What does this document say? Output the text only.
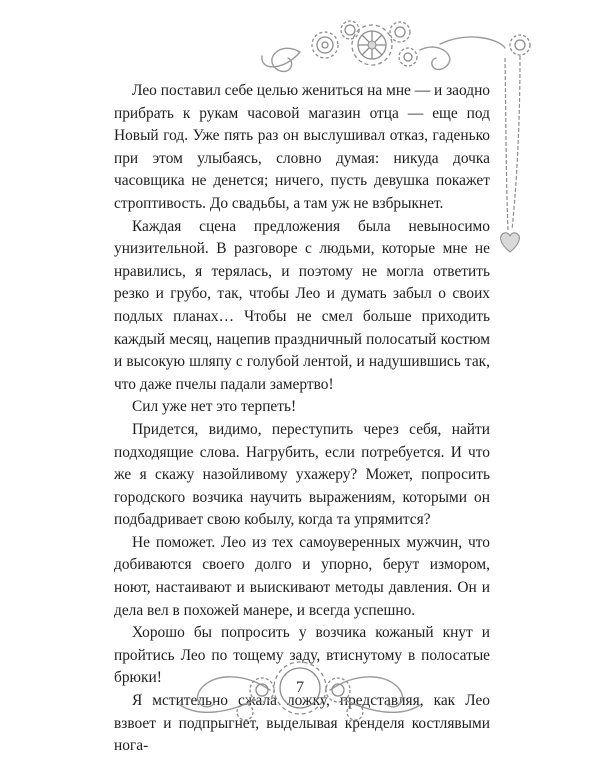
Лео поставил себе целью жениться на мне — и заодно прибрать к рукам часовой магазин отца — еще под Новый год. Уже пять раз он выслушивал отказ, гаденько при этом улыбаясь, словно думая: никуда дочка часовщика не денется; ничего, пусть девушка покажет строптивость. До свадьбы, а там уж не взбрыкнет.

Каждая сцена предложения была невыносимо унизительной. В разговоре с людьми, которые мне не нравились, я терялась, и поэтому не могла ответить резко и грубо, так, чтобы Лео и думать забыл о своих подлых планах… Чтобы не смел больше приходить каждый месяц, нацепив праздничный полосатый костюм и высокую шляпу с голубой лентой, и надушившись так, что даже пчелы падали замертво!

Сил уже нет это терпеть!

Придется, видимо, переступить через себя, найти подходящие слова. Нагрубить, если потребуется. И что же я скажу назойливому ухажеру? Может, попросить городского возчика научить выражениям, которыми он подбадривает свою кобылу, когда та упрямится?

Не поможет. Лео из тех самоуверенных мужчин, что добиваются своего долго и упорно, берут измором, ноют, настаивают и выискивают методы давления. Он и дела вел в похожей манере, и всегда успешно.

Хорошо бы попросить у возчика кожаный кнут и пройтись Лео по тощему заду, втиснутому в полосатые брюки!

Я мстительно сжала ложку, представляя, как Лео взвоет и подпрыгнет, выделывая кренделя костлявыми нога-

7
